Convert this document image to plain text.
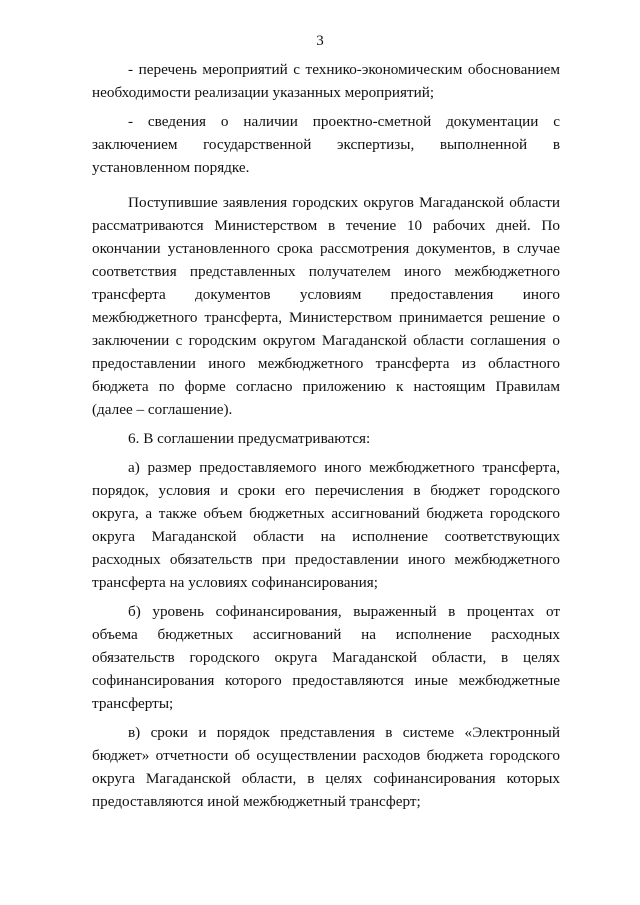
3

- перечень мероприятий с технико-экономическим обоснованием необходимости реализации указанных мероприятий;

- сведения о наличии проектно-сметной документации с заключением государственной экспертизы, выполненной в установленном порядке.

Поступившие заявления городских округов Магаданской области рассматриваются Министерством в течение 10 рабочих дней. По окончании установленного срока рассмотрения документов, в случае соответствия представленных получателем иного межбюджетного трансферта документов условиям предоставления иного межбюджетного трансферта, Министерством принимается решение о заключении с городским округом Магаданской области соглашения о предоставлении иного межбюджетного трансферта из областного бюджета по форме согласно приложению к настоящим Правилам (далее – соглашение).

6. В соглашении предусматриваются:

а) размер предоставляемого иного межбюджетного трансферта, порядок, условия и сроки его перечисления в бюджет городского округа, а также объем бюджетных ассигнований бюджета городского округа Магаданской области на исполнение соответствующих расходных обязательств при предоставлении иного межбюджетного трансферта на условиях софинансирования;

б) уровень софинансирования, выраженный в процентах от объема бюджетных ассигнований на исполнение расходных обязательств городского округа Магаданской области, в целях софинансирования которого предоставляются иные межбюджетные трансферты;

в) сроки и порядок представления в системе «Электронный бюджет» отчетности об осуществлении расходов бюджета городского округа Магаданской области, в целях софинансирования которых предоставляются иной межбюджетный трансферт;
